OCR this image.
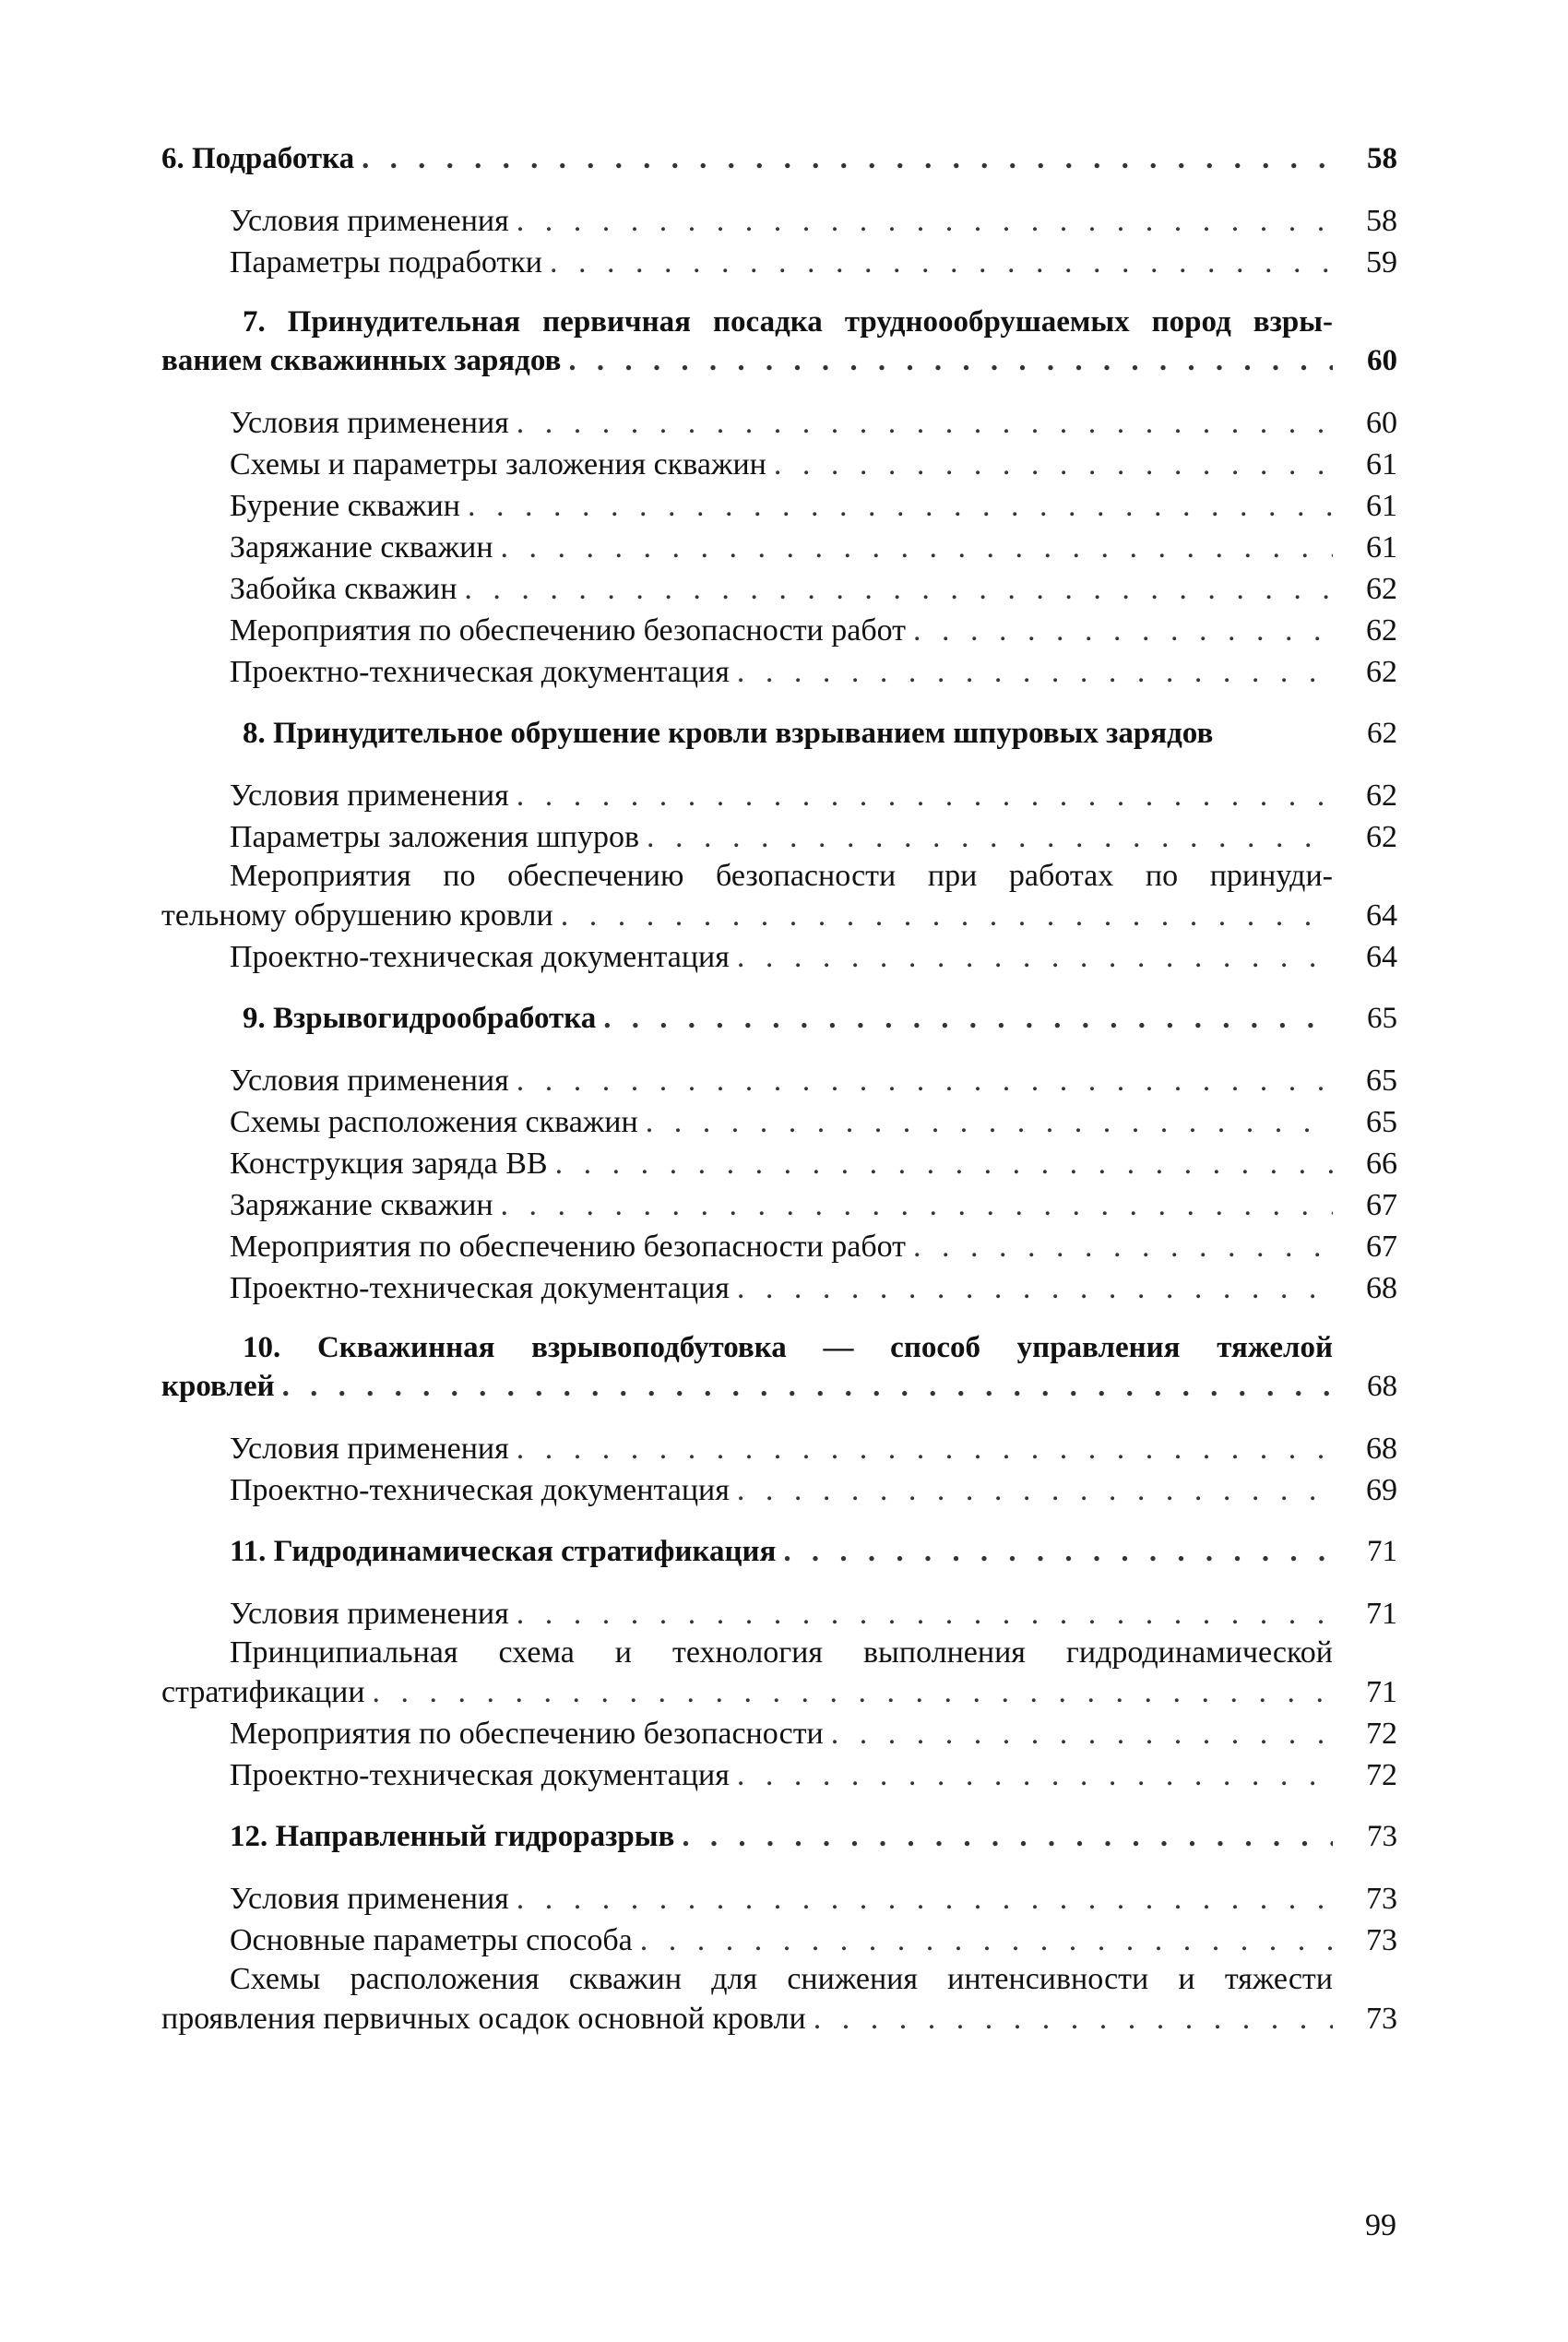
6. Подработка . . .	58
Условия применения . . .	58
Параметры подработки . . .	59
7. Принудительная первичная посадка трудноообрушаемых пород взры-
ванием скважинных зарядов . . .	60
Условия применения . . .	60
Схемы и параметры заложения скважин . . .	61
Бурение скважин . . .	61
Заряжание скважин . . .	61
Забойка скважин . . .	62
Мероприятия по обеспечению безопасности работ . . .	62
Проектно-техническая документация . . .	62
8. Принудительное обрушение кровли взрыванием шпуровых зарядов	62
Условия применения . . .	62
Параметры заложения шпуров . . .	62
Мероприятия по обеспечению безопасности при работах по принуди-
тельному обрушению кровли . . .	64
Проектно-техническая документация . . .	64
9. Взрывогидрообработка . . .	65
Условия применения . . .	65
Схемы расположения скважин . . .	65
Конструкция заряда ВВ . . .	66
Заряжание скважин . . .	67
Мероприятия по обеспечению безопасности работ . . .	67
Проектно-техническая документация . . .	68
10. Скважинная взрывоподбутовка — способ управления тяжелой
кровлей . . .	68
Условия применения . . .	68
Проектно-техническая документация . . .	69
11. Гидродинамическая стратификация . . .	71
Условия применения . . .	71
Принципиальная схема и технология выполнения гидродинамической
стратификации . . .	71
Мероприятия по обеспечению безопасности . . .	72
Проектно-техническая документация . . .	72
12. Направленный гидроразрыв . . .	73
Условия применения . . .	73
Основные параметры способа . . .	73
Схемы расположения скважин для снижения интенсивности и тяжести
проявления первичных осадок основной кровли . . .	73
99
